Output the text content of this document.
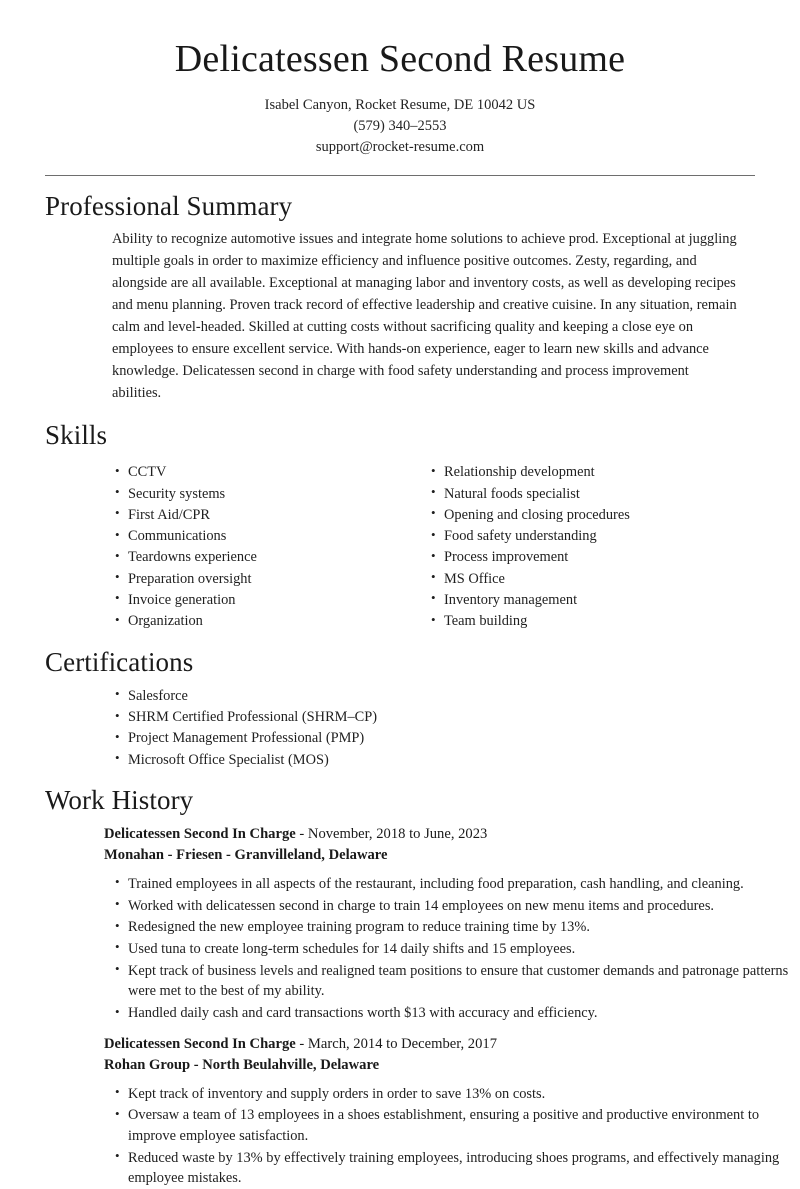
Delicatessen Second Resume
Isabel Canyon, Rocket Resume, DE 10042 US
(579) 340–2553
support@rocket-resume.com
Professional Summary

Ability to recognize automotive issues and integrate home solutions to achieve prod. Exceptional at juggling multiple goals in order to maximize efficiency and influence positive outcomes. Zesty, regarding, and alongside are all available. Exceptional at managing labor and inventory costs, as well as developing recipes and menu planning. Proven track record of effective leadership and creative cuisine. In any situation, remain calm and level-headed. Skilled at cutting costs without sacrificing quality and keeping a close eye on employees to ensure excellent service. With hands-on experience, eager to learn new skills and advance knowledge. Delicatessen second in charge with food safety understanding and process improvement abilities.

Skills
• CCTV
• Security systems
• First Aid/CPR
• Communications
• Teardowns experience
• Preparation oversight
• Invoice generation
• Organization
• Relationship development
• Natural foods specialist
• Opening and closing procedures
• Food safety understanding
• Process improvement
• MS Office
• Inventory management
• Team building
Certifications
• Salesforce
• SHRM Certified Professional (SHRM–CP)
• Project Management Professional (PMP)
• Microsoft Office Specialist (MOS)
Work History
Delicatessen Second In Charge - November, 2018 to June, 2023
Monahan - Friesen - Granvilleland, Delaware
• Trained employees in all aspects of the restaurant, including food preparation, cash handling, and cleaning.
• Worked with delicatessen second in charge to train 14 employees on new menu items and procedures.
• Redesigned the new employee training program to reduce training time by 13%.
• Used tuna to create long-term schedules for 14 daily shifts and 15 employees.
• Kept track of business levels and realigned team positions to ensure that customer demands and patronage patterns were met to the best of my ability.
• Handled daily cash and card transactions worth $13 with accuracy and efficiency.
Delicatessen Second In Charge - March, 2014 to December, 2017
Rohan Group - North Beulahville, Delaware
• Kept track of inventory and supply orders in order to save 13% on costs.
• Oversaw a team of 13 employees in a shoes establishment, ensuring a positive and productive environment to improve employee satisfaction.
• Reduced waste by 13% by effectively training employees, introducing shoes programs, and effectively managing employee mistakes.
